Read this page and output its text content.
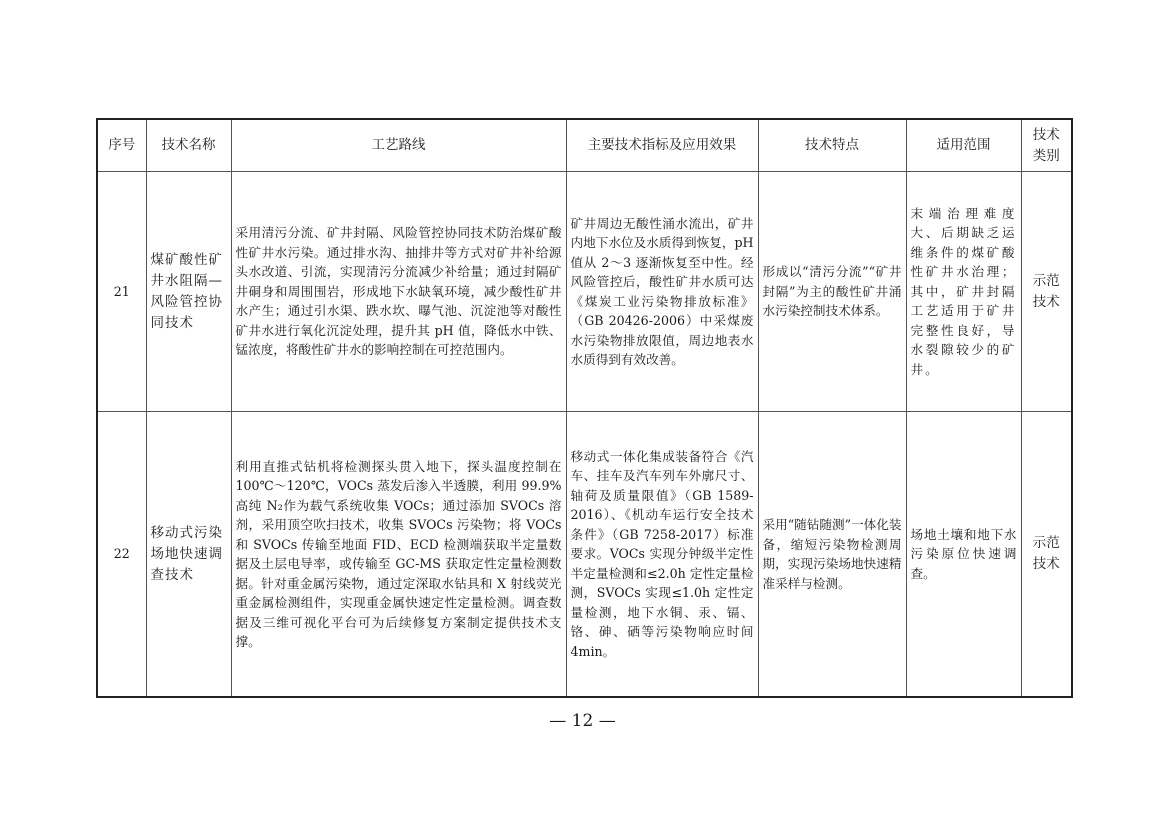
序号	技术名称	工艺路线	主要技术指标及应用效果	技术特点	适用范围	技术类别
21	煤矿酸性矿井水阻隔—风险管控协同技术	采用清污分流、矿井封隔、风险管控协同技术防治煤矿酸性矿井水污染。通过排水沟、抽排井等方式对矿井补给源头水改道、引流，实现清污分流减少补给量；通过封隔矿井硐身和周围围岩，形成地下水缺氧环境，减少酸性矿井水产生；通过引水渠、跌水坎、曝气池、沉淀池等对酸性矿井水进行氧化沉淀处理，提升其 pH 值，降低水中铁、锰浓度，将酸性矿井水的影响控制在可控范围内。	矿井周边无酸性涌水流出，矿井内地下水位及水质得到恢复，pH 值从 2～3 逐渐恢复至中性。经风险管控后，酸性矿井水质可达《煤炭工业污染物排放标准》（GB 20426-2006）中采煤废水污染物排放限值，周边地表水水质得到有效改善。	形成以“清污分流”“矿井封隔”为主的酸性矿井涌水污染控制技术体系。	末端治理难度大、后期缺乏运维条件的煤矿酸性矿井水治理；其中，矿井封隔工艺适用于矿井完整性良好，导水裂隙较少的矿井。	示范技术
22	移动式污染场地快速调查技术	利用直推式钻机将检测探头贯入地下，探头温度控制在 100℃～120℃，VOCs 蒸发后渗入半透膜，利用 99.9%高纯 N₂作为载气系统收集 VOCs；通过添加 SVOCs 溶剂，采用顶空吹扫技术，收集 SVOCs 污染物；将 VOCs 和 SVOCs 传输至地面 FID、ECD 检测端获取半定量数据及土层电导率，或传输至 GC-MS 获取定性定量检测数据。针对重金属污染物，通过定深取水钻具和 X 射线荧光重金属检测组件，实现重金属快速定性定量检测。调查数据及三维可视化平台可为后续修复方案制定提供技术支撑。	移动式一体化集成装备符合《汽车、挂车及汽车列车外廓尺寸、轴荷及质量限值》（GB 1589-2016）、《机动车运行安全技术条件》（GB 7258-2017）标准要求。VOCs 实现分钟级半定性半定量检测和≤2.0h 定性定量检测，SVOCs 实现≤1.0h 定性定量检测，地下水铜、汞、镉、铬、砷、硒等污染物响应时间 4min。	采用“随钻随测”一体化装备，缩短污染物检测周期，实现污染场地快速精准采样与检测。	场地土壤和地下水污染原位快速调查。	示范技术
— 12 —
